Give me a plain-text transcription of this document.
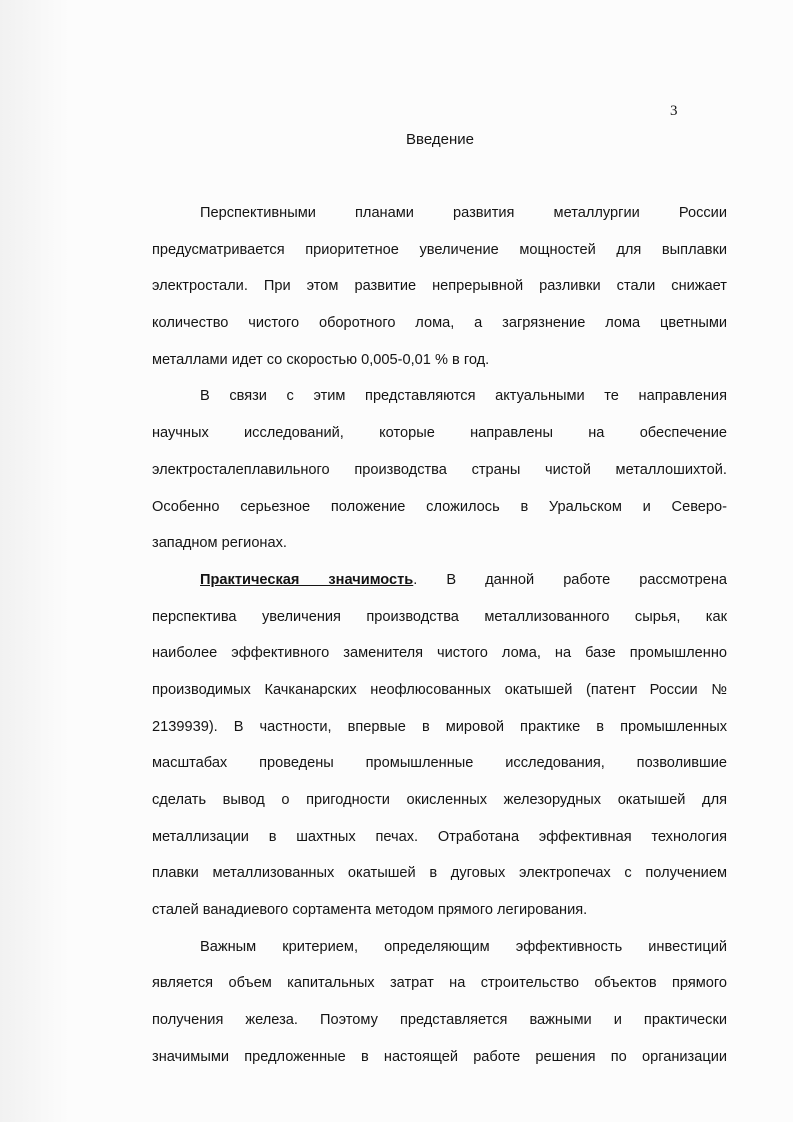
3
Введение
Перспективными планами развития металлургии России
предусматривается приоритетное увеличение мощностей для выплавки
электростали. При этом развитие непрерывной разливки стали снижает
количество чистого оборотного лома, а загрязнение лома цветными
металлами идет со скоростью 0,005-0,01 % в год.
В связи с этим представляются актуальными те направления
научных исследований, которые направлены на обеспечение
электросталеплавильного производства страны чистой металлошихтой.
Особенно серьезное положение сложилось в Уральском и Северо-
западном регионах.
Практическая значимость. В данной работе рассмотрена
перспектива увеличения производства металлизованного сырья, как
наиболее эффективного заменителя чистого лома, на базе промышленно
производимых Качканарских неофлюсованных окатышей (патент России №
2139939). В частности, впервые в мировой практике в промышленных
масштабах проведены промышленные исследования, позволившие
сделать вывод о пригодности окисленных железорудных окатышей для
металлизации в шахтных печах. Отработана эффективная технология
плавки металлизованных окатышей в дуговых электропечах с получением
сталей ванадиевого сортамента методом прямого легирования.
Важным критерием, определяющим эффективность инвестиций
является объем капитальных затрат на строительство объектов прямого
получения железа. Поэтому представляется важными и практически
значимыми предложенные в настоящей работе решения по организации
